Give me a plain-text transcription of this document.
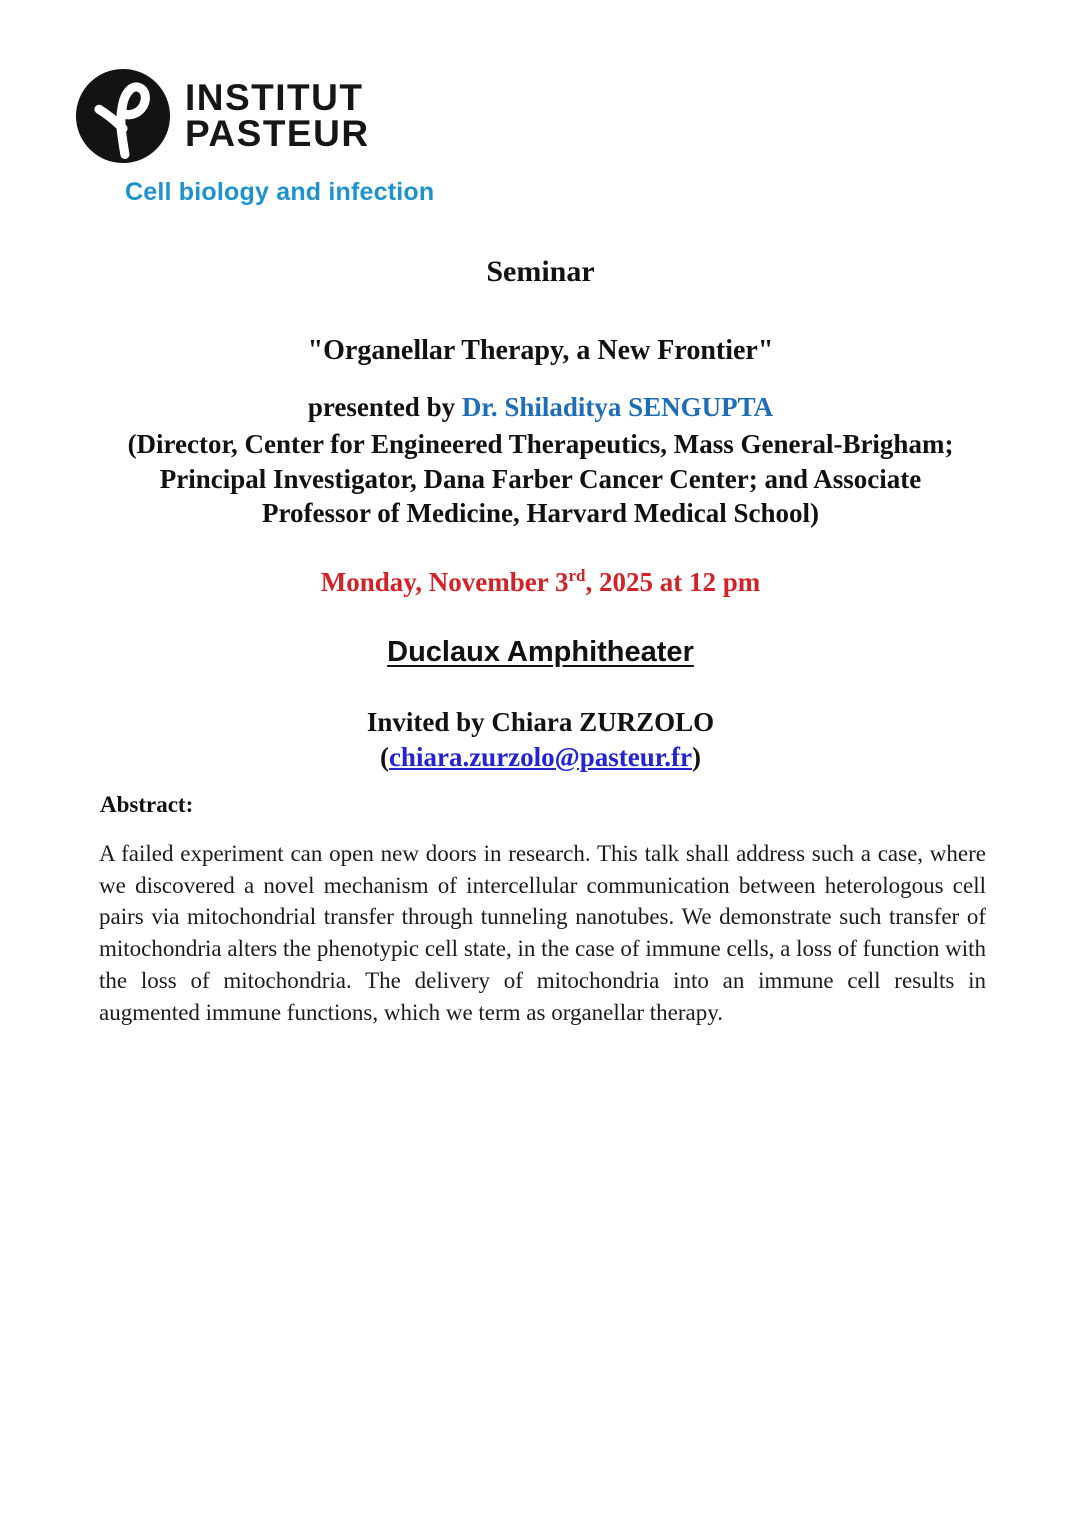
INSTITUT
PASTEUR
Cell biology and infection
Seminar
"Organellar Therapy, a New Frontier"
presented by Dr. Shiladitya SENGUPTA
(Director, Center for Engineered Therapeutics, Mass General-Brigham;
Principal Investigator, Dana Farber Cancer Center; and Associate
Professor of Medicine, Harvard Medical School)
Monday, November 3rd, 2025 at 12 pm
Duclaux Amphitheater
Invited by Chiara ZURZOLO
(chiara.zurzolo@pasteur.fr)
Abstract:
A failed experiment can open new doors in research. This talk shall address such a case, where we discovered a novel mechanism of intercellular communication between heterologous cell pairs via mitochondrial transfer through tunneling nanotubes. We demonstrate such transfer of mitochondria alters the phenotypic cell state, in the case of immune cells, a loss of function with the loss of mitochondria. The delivery of mitochondria into an immune cell results in augmented immune functions, which we term as organellar therapy.
